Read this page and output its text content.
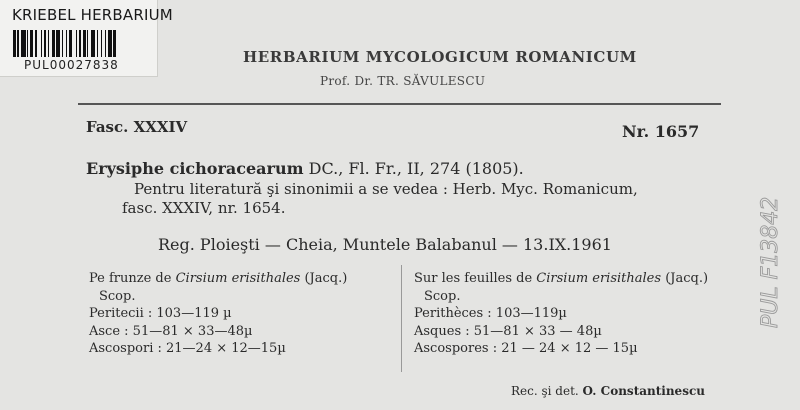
KRIEBEL HERBARIUM
PUL00027838	HERBARIUM MYCOLOGICUM ROMANICUM
Prof. Dr. TR. SĂVULESCU
Fasc. XXXIV	Nr. 1657
Erysiphe cichoracearum DC., Fl. Fr., II, 274 (1805).
Pentru literatură şi sinonimii a se vedea : Herb. Myc. Romanicum,
fasc. XXXIV, nr. 1654.
Reg. Ploieşti — Cheia, Muntele Balabanul — 13.IX.1961
Pe frunze de Cirsium erisithales (Jacq.)
Scop.
Peritecii : 103—119 µ
Asce : 51—81 × 33—48µ
Ascospori : 21—24 × 12—15µ
Sur les feuilles de Cirsium erisithales (Jacq.)
Scop.
Perithèces : 103—119µ
Asques : 51—81 × 33 — 48µ
Ascospores : 21 — 24 × 12 — 15µ
Rec. şi det. O. Constantinescu
PUL F13842
